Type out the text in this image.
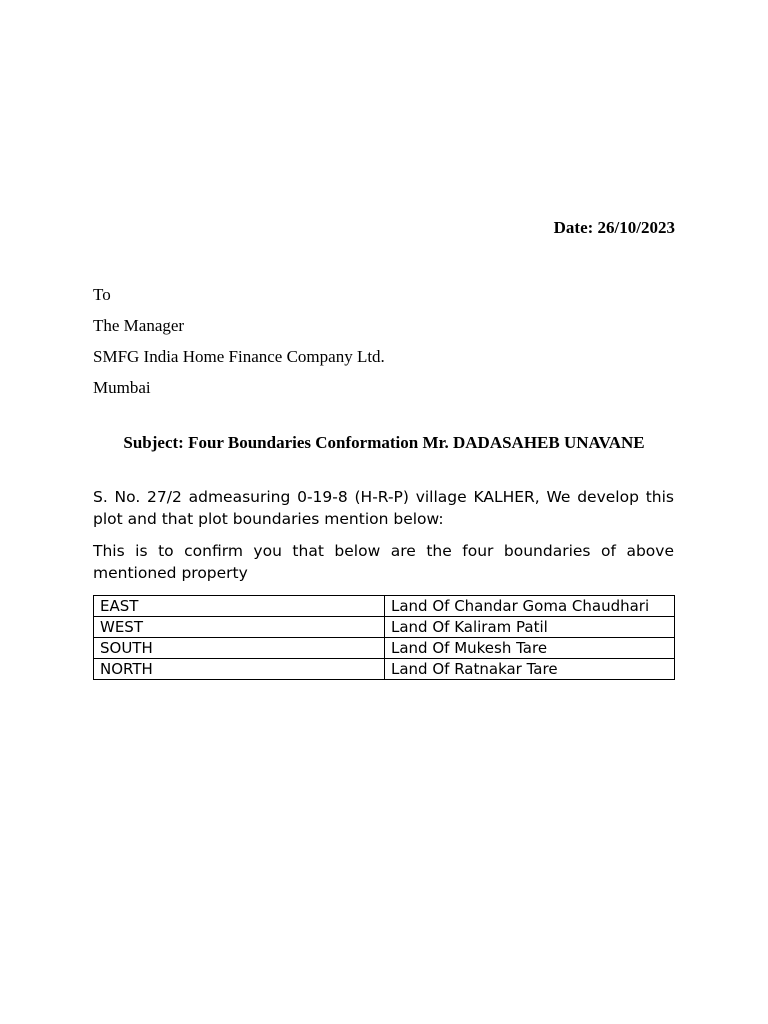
Date: 26/10/2023
To
The Manager
SMFG India Home Finance Company Ltd.
Mumbai
Subject: Four Boundaries Conformation Mr. DADASAHEB UNAVANE
S. No. 27/2 admeasuring 0-19-8 (H-R-P) village KALHER, We develop this plot and that plot boundaries mention below:
This is to confirm you that below are the four boundaries of above mentioned property
EAST	Land Of Chandar Goma Chaudhari
WEST	Land Of Kaliram Patil
SOUTH	Land Of Mukesh Tare
NORTH	Land Of Ratnakar Tare
